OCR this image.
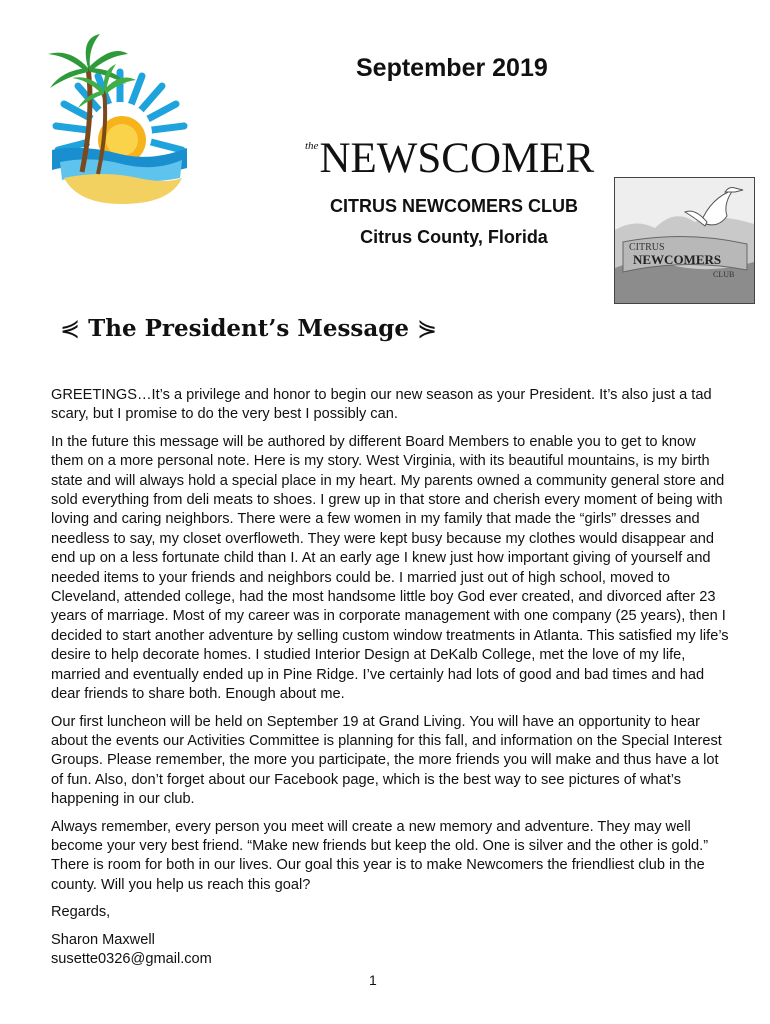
September 2019
$^{the}$NEWSCOMER
CITRUS NEWCOMERS CLUB
Citrus County, Florida
CITRUS
NEWCOMERS
CLUB
⋞ The President’s Message ⋟

GREETINGS…It’s a privilege and honor to begin our new season as your President. It’s also just a tad scary, but I promise to do the very best I possibly can.

In the future this message will be authored by different Board Members to enable you to get to know them on a more personal note. Here is my story. West Virginia, with its beautiful mountains, is my birth state and will always hold a special place in my heart. My parents owned a community general store and sold everything from deli meats to shoes. I grew up in that store and cherish every moment of being with loving and caring neighbors. There were a few women in my family that made the “girls” dresses and needless to say, my closet overfloweth. They were kept busy because my clothes would disappear and end up on a less fortunate child than I. At an early age I knew just how important giving of yourself and needed items to your friends and neighbors could be. I married just out of high school, moved to Cleveland, attended college, had the most handsome little boy God ever created, and divorced after 23 years of marriage. Most of my career was in corporate management with one company (25 years), then I decided to start another adventure by selling custom window treatments in Atlanta. This satisfied my life’s desire to help decorate homes. I studied Interior Design at DeKalb College, met the love of my life, married and eventually ended up in Pine Ridge. I’ve certainly had lots of good and bad times and had dear friends to share both. Enough about me.

Our first luncheon will be held on September 19 at Grand Living. You will have an opportunity to hear about the events our Activities Committee is planning for this fall, and information on the Special Interest Groups. Please remember, the more you participate, the more friends you will make and thus have a lot of fun. Also, don’t forget about our Facebook page, which is the best way to see pictures of what’s happening in our club.

Always remember, every person you meet will create a new memory and adventure. They may well become your very best friend. “Make new friends but keep the old. One is silver and the other is gold.” There is room for both in our lives. Our goal this year is to make Newcomers the friendliest club in the county. Will you help us reach this goal?

Regards,

Sharon Maxwell
susette0326@gmail.com
1
